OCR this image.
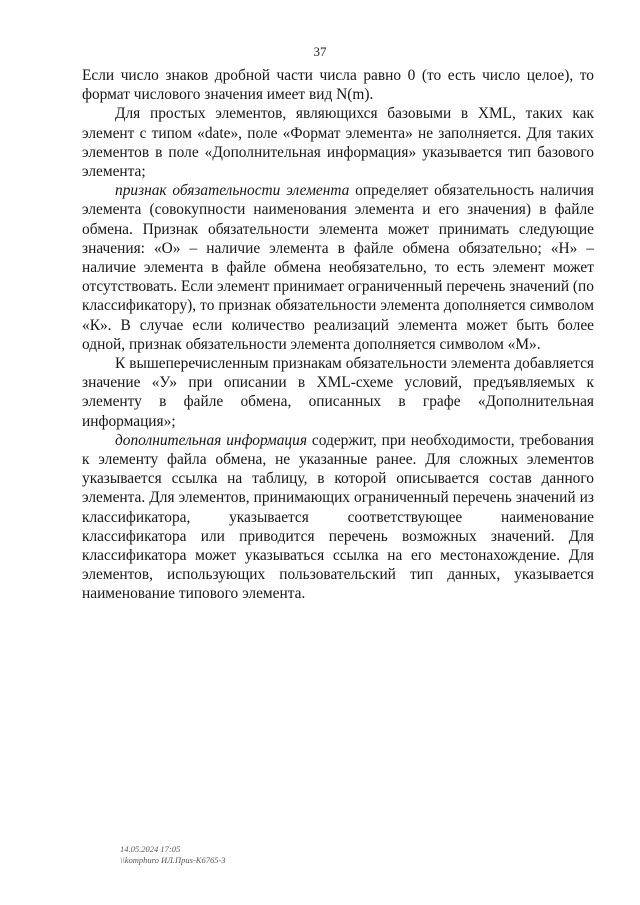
37

Если число знаков дробной части числа равно 0 (то есть число целое), то формат числового значения имеет вид N(m).

Для простых элементов, являющихся базовыми в XML, таких как элемент с типом «date», поле «Формат элемента» не заполняется. Для таких элементов в поле «Дополнительная информация» указывается тип базового элемента;

признак обязательности элемента определяет обязательность наличия элемента (совокупности наименования элемента и его значения) в файле обмена. Признак обязательности элемента может принимать следующие значения: «О» – наличие элемента в файле обмена обязательно; «Н» – наличие элемента в файле обмена необязательно, то есть элемент может отсутствовать. Если элемент принимает ограниченный перечень значений (по классификатору), то признак обязательности элемента дополняется символом «К». В случае если количество реализаций элемента может быть более одной, признак обязательности элемента дополняется символом «М».

К вышеперечисленным признакам обязательности элемента добавляется значение «У» при описании в XML-схеме условий, предъявляемых к элементу в файле обмена, описанных в графе «Дополнительная информация»;

дополнительная информация содержит, при необходимости, требования к элементу файла обмена, не указанные ранее. Для сложных элементов указывается ссылка на таблицу, в которой описывается состав данного элемента. Для элементов, принимающих ограниченный перечень значений из классификатора, указывается соответствующее наименование классификатора или приводится перечень возможных значений. Для классификатора может указываться ссылка на его местонахождение. Для элементов, использующих пользовательский тип данных, указывается наименование типового элемента.

14.05.2024 17:05
\\komphuro ИЛ.Приs-К6765-3
